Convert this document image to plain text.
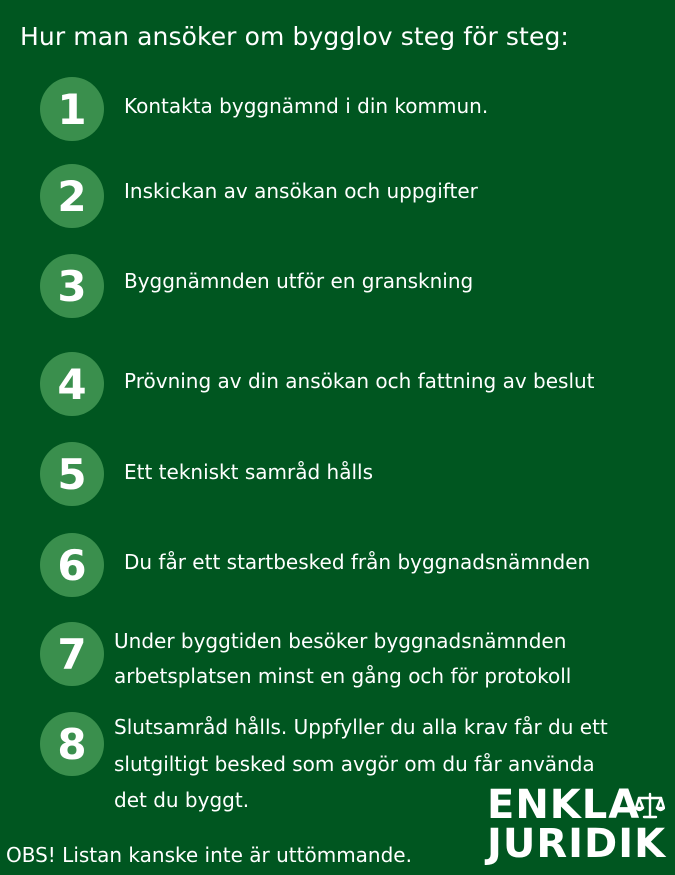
Hur man ansöker om bygglov steg för steg:
1	Kontakta byggnämnd i din kommun.
2	Inskickan av ansökan och uppgifter
3	Byggnämnden utför en granskning
4	Prövning av din ansökan och fattning av beslut
5	Ett tekniskt samråd hålls
6	Du får ett startbesked från byggnadsnämnden
7	Under byggtiden besöker byggnadsnämnden
arbetsplatsen minst en gång och för protokoll
8	Slutsamråd hålls. Uppfyller du alla krav får du ett
slutgiltigt besked som avgör om du får använda
det du byggt.
OBS! Listan kanske inte är uttömmande.
ENKLA
JURIDIK
